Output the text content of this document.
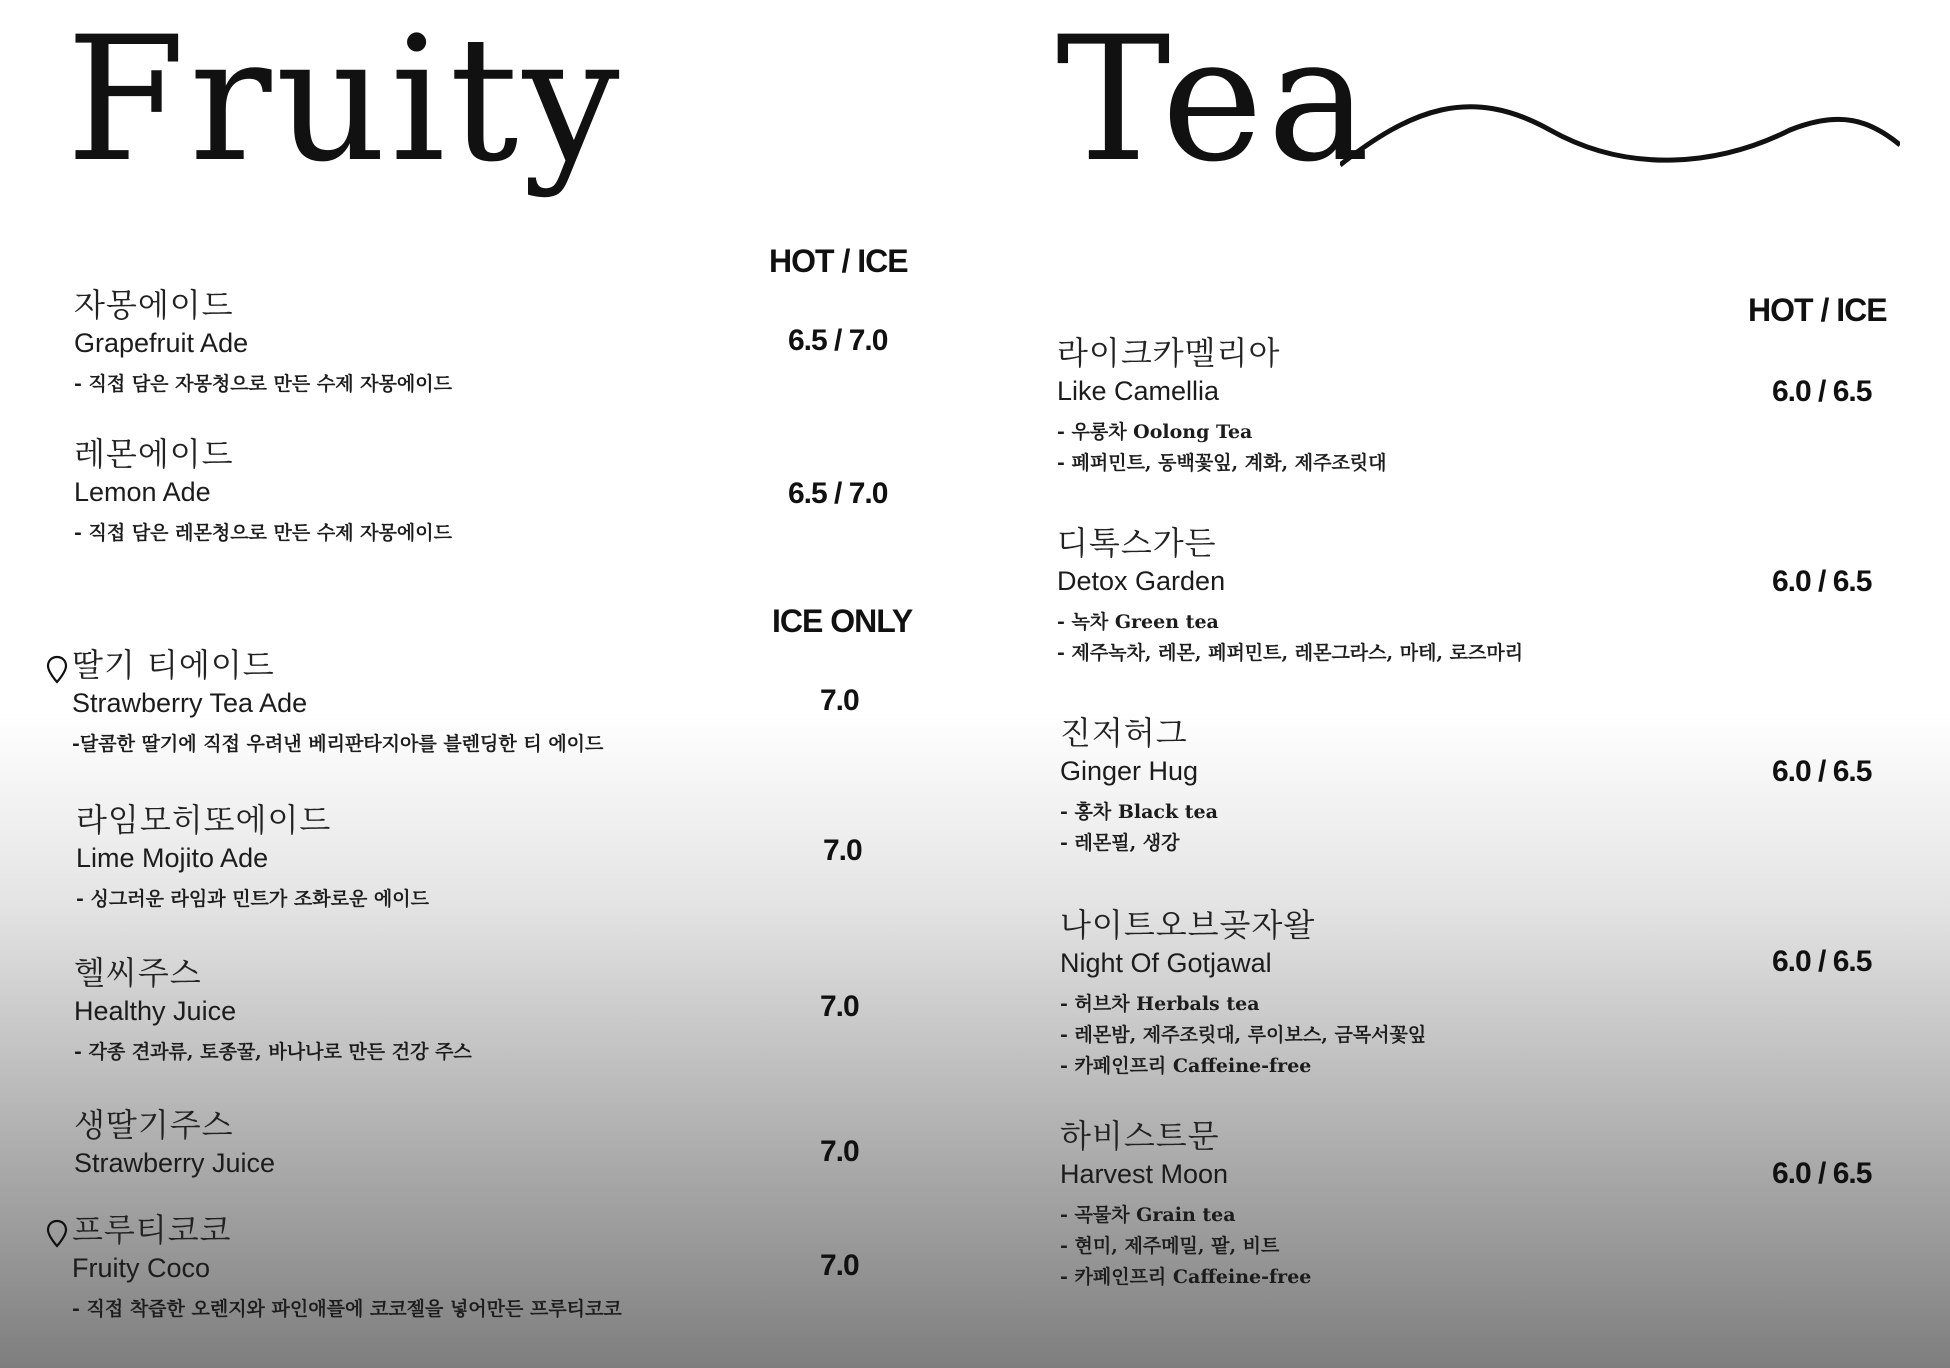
Fruity	Tea
HOT / ICE
ICE ONLY
HOT / ICE
자몽에이드
Grapefruit Ade
- 직접 담은 자몽청으로 만든 수제 자몽에이드
6.5 / 7.0
레몬에이드
Lemon Ade
- 직접 담은 레몬청으로 만든 수제 자몽에이드
6.5 / 7.0
딸기 티에이드
Strawberry Tea Ade
-달콤한 딸기에 직접 우려낸 베리판타지아를 블렌딩한 티 에이드
7.0
라임모히또에이드
Lime Mojito Ade
- 싱그러운 라임과 민트가 조화로운 에이드
7.0
헬씨주스
Healthy Juice
- 각종 견과류, 토종꿀, 바나나로 만든 건강 주스
7.0
생딸기주스
Strawberry Juice	7.0
프루티코코
Fruity Coco
- 직접 착즙한 오렌지와 파인애플에 코코젤을 넣어만든 프루티코코
7.0
라이크카멜리아
Like Camellia
- 우롱차 Oolong Tea
- 페퍼민트, 동백꽃잎, 계화, 제주조릿대
6.0 / 6.5
디톡스가든
Detox Garden
- 녹차 Green tea
- 제주녹차, 레몬, 페퍼민트, 레몬그라스, 마테, 로즈마리
6.0 / 6.5
진저허그
Ginger Hug
- 홍차 Black tea
- 레몬필, 생강
6.0 / 6.5
나이트오브곶자왈
Night Of Gotjawal
- 허브차 Herbals tea
- 레몬밤, 제주조릿대, 루이보스, 금목서꽃잎
- 카페인프리 Caffeine-free
6.0 / 6.5
하비스트문
Harvest Moon
- 곡물차 Grain tea
- 현미, 제주메밀, 팥, 비트
- 카페인프리 Caffeine-free
6.0 / 6.5
